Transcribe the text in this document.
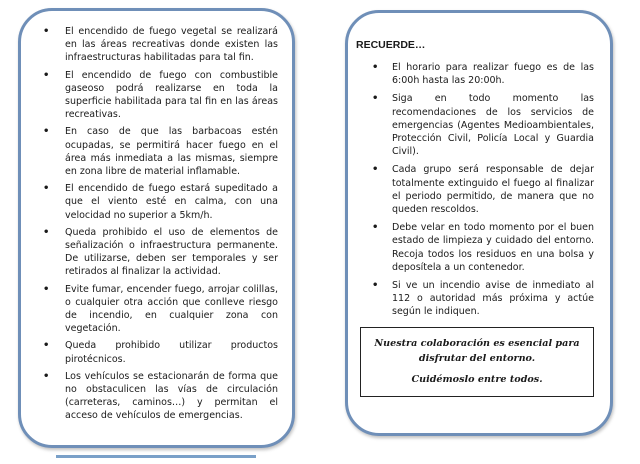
• El encendido de fuego vegetal se realizará en las áreas recreativas donde existen las infraestructuras habilitadas para tal fin.
• El encendido de fuego con combustible gaseoso podrá realizarse en toda la superficie habilitada para tal fin en las áreas recreativas.
• En caso de que las barbacoas estén ocupadas, se permitirá hacer fuego en el área más inmediata a las mismas, siempre en zona libre de material inflamable.
• El encendido de fuego estará supeditado a que el viento esté en calma, con una velocidad no superior a 5km/h.
• Queda prohibido el uso de elementos de señalización o infraestructura permanente. De utilizarse, deben ser temporales y ser retirados al finalizar la actividad.
• Evite fumar, encender fuego, arrojar colillas, o cualquier otra acción que conlleve riesgo de incendio, en cualquier zona con vegetación.
• Queda prohibido utilizar productos pirotécnicos.
• Los vehículos se estacionarán de forma que no obstaculicen las vías de circulación (carreteras, caminos…) y permitan el acceso de vehículos de emergencias.
RECUERDE…
• El horario para realizar fuego es de las 6:00h hasta las 20:00h.
• Siga en todo momento las recomendaciones de los servicios de emergencias (Agentes Medioambientales, Protección Civil, Policía Local y Guardia Civil).
• Cada grupo será responsable de dejar totalmente extinguido el fuego al finalizar el periodo permitido, de manera que no queden rescoldos.
• Debe velar en todo momento por el buen estado de limpieza y cuidado del entorno. Recoja todos los residuos en una bolsa y deposítela a un contenedor.
• Si ve un incendio avise de inmediato al 112 o autoridad más próxima y actúe según le indiquen.
Nuestra colaboración es esencial para disfrutar del entorno.
Cuidémoslo entre todos.
